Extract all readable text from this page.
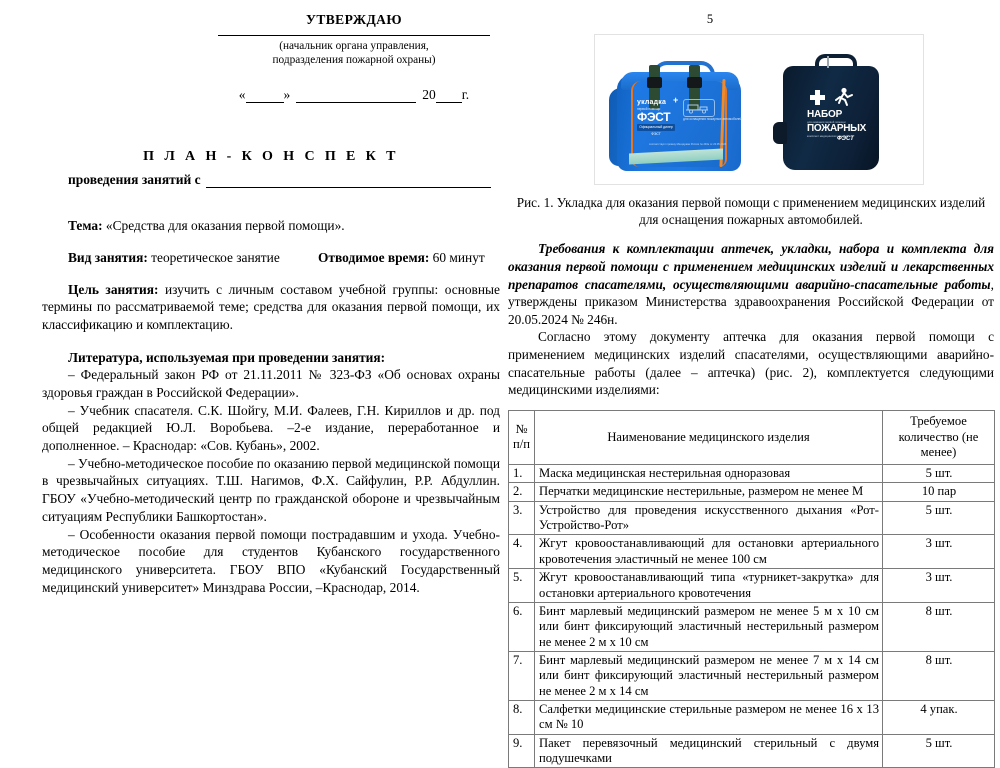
УТВЕРЖДАЮ
(начальник органа управления,
подразделения пожарной охраны)
«	»	20 г.
П Л А Н - К О Н С П Е К Т
проведения занятий с

Тема: «Средства для оказания первой помощи».

Вид занятия: теоретическое занятие	Отводимое время: 60 минут

Цель занятия: изучить с личным составом учебной группы: основные термины по рассматриваемой теме; средства для оказания первой помощи, их классификацию и комплектацию.

Литература, используемая при проведении занятия:

– Федеральный закон РФ от 21.11.2011 № 323-ФЗ «Об основах охраны здоровья граждан в Российской Федерации».

– Учебник спасателя. С.К. Шойгу, М.И. Фалеев, Г.Н. Кириллов и др. под общей редакцией Ю.Л. Воробьева. –2-е издание, переработанное и дополненное. – Краснодар: «Сов. Кубань», 2002.

– Учебно-методическое пособие по оказанию первой медицинской помощи в чрезвычайных ситуациях. Т.Ш. Нагимов, Ф.Х. Сайфулин, Р.Р. Абдуллин. ГБОУ «Учебно-методический центр по гражданской обороне и чрезвычайным ситуациям Республики Башкортостан».

– Особенности оказания первой помощи пострадавшим и ухода. Учебно-методическое пособие для студентов Кубанского государственного медицинского университета. ГБОУ ВПО «Кубанский Государственный медицинский университет» Минздрава России, –Краснодар, 2014.

5
укладка +
первой помощи
ФЭСТ
Официальный дилер ФЭСТ
для оснащения пожарных автомобилей
соответствует приказу Минздрава России № 246н от 20.05.2024
НАБОР
для оказания первой помощи
ПОЖАРНЫХ
комплект медицинских изделий
ФЭСТ
Рис. 1. Укладка для оказания первой помощи с применением медицинских изделий для оснащения пожарных автомобилей.

Требования к комплектации аптечек, укладки, набора и комплекта для оказания первой помощи с применением медицинских изделий и лекарственных препаратов спасателями, осуществляющими аварийно-спасательные работы, утверждены приказом Министерства здравоохранения Российской Федерации от 20.05.2024 № 246н.

Согласно этому документу аптечка для оказания первой помощи с применением медицинских изделий спасателями, осуществляющими аварийно-спасательные работы (далее – аптечка) (рис. 2), комплектуется следующими медицинскими изделиями:

№
п/п	Наименование медицинского изделия	Требуемое количество (не менее)
1.	Маска медицинская нестерильная одноразовая	5 шт.
2.	Перчатки медицинские нестерильные, размером не менее М	10 пар
3.	Устройство для проведения искусственного дыхания «Рот-Устройство-Рот»	5 шт.
4.	Жгут кровоостанавливающий для остановки артериального кровотечения эластичный не менее 100 см	3 шт.
5.	Жгут кровоостанавливающий типа «турникет-закрутка» для остановки артериального кровотечения	3 шт.
6.	Бинт марлевый медицинский размером не менее 5 м х 10 см или бинт фиксирующий эластичный нестерильный размером не менее 2 м х 10 см	8 шт.
7.	Бинт марлевый медицинский размером не менее 7 м х 14 см или бинт фиксирующий эластичный нестерильный размером не менее 2 м х 14 см	8 шт.
8.	Салфетки медицинские стерильные размером не менее 16 х 13 см № 10	4 упак.
9.	Пакет перевязочный медицинский стерильный с двумя подушечками	5 шт.
